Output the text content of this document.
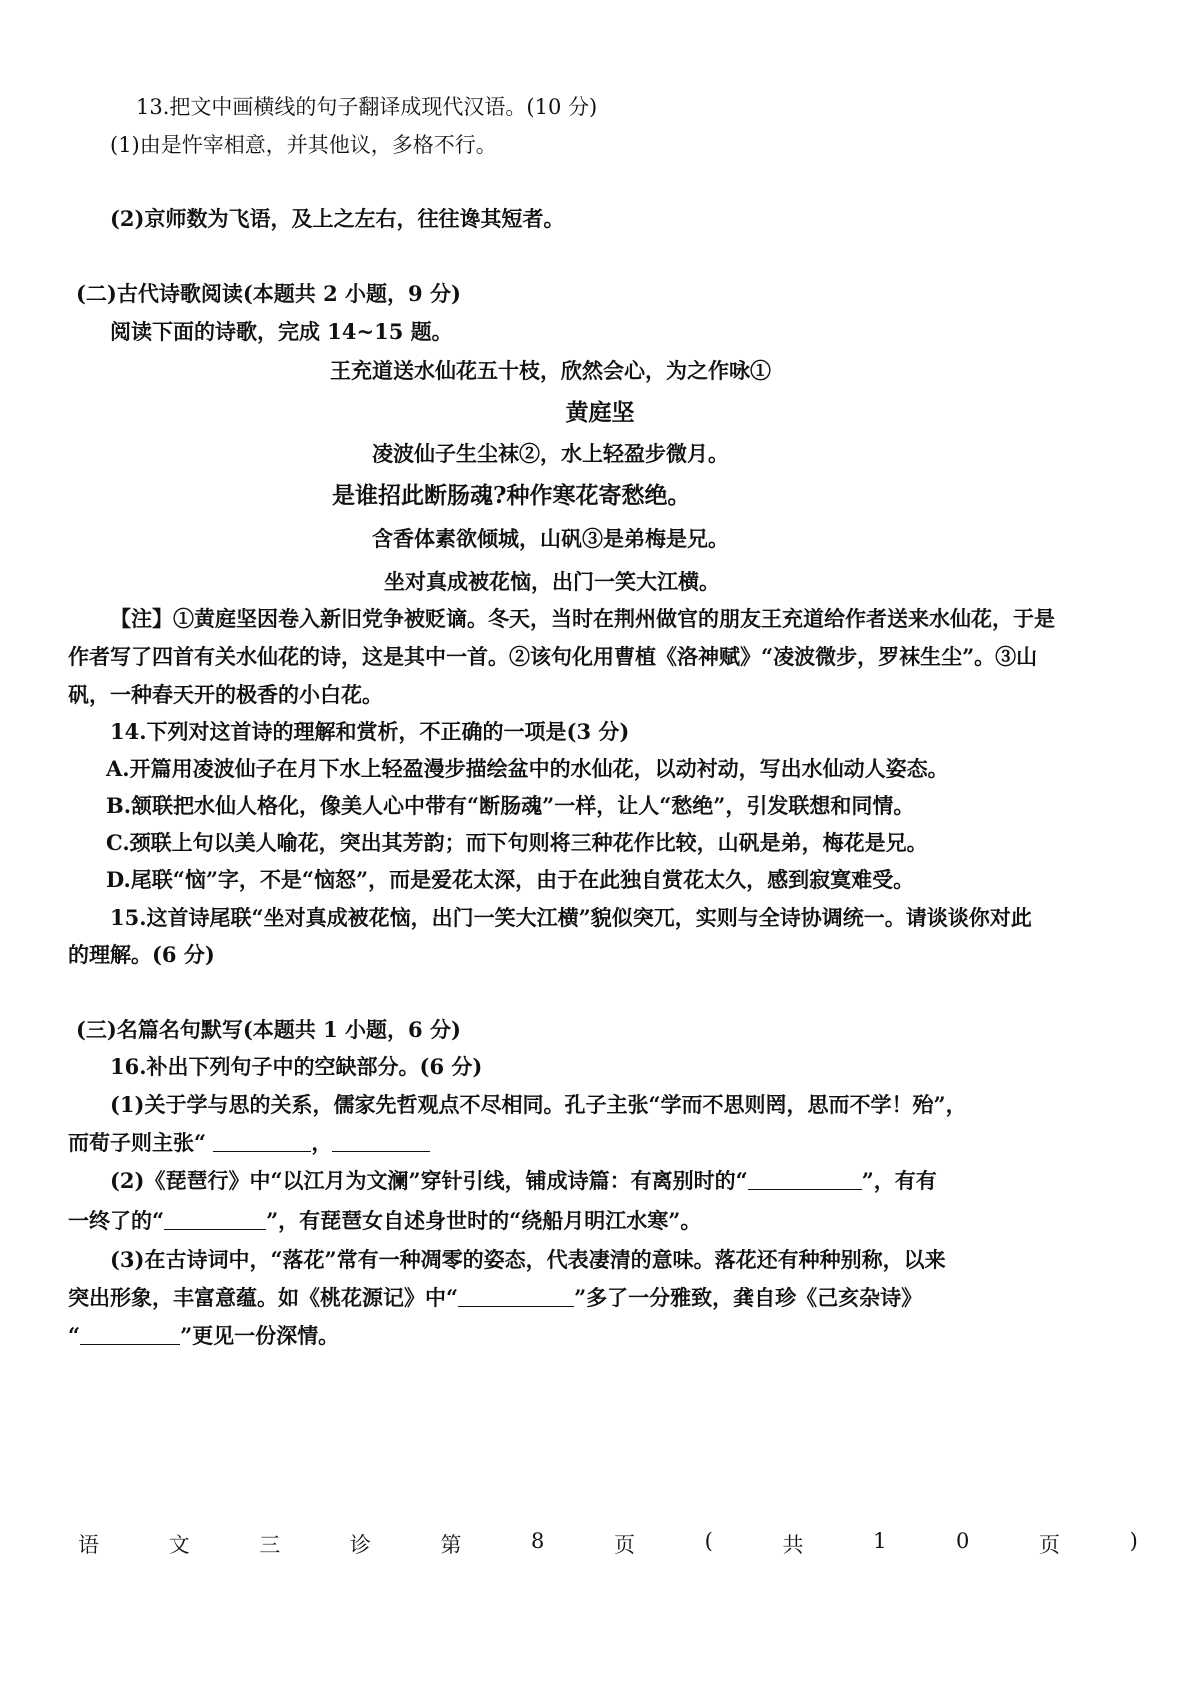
13.把文中画横线的句子翻译成现代汉语。(10 分)
(1)由是忤宰相意，并其他议，多格不行。
(2)京师数为飞语，及上之左右，往往谗其短者。
(二)古代诗歌阅读(本题共 2 小题，9 分)
阅读下面的诗歌，完成 14~15 题。
王充道送水仙花五十枝，欣然会心，为之作咏①
黄庭坚
凌波仙子生尘袜②，水上轻盈步微月。
是谁招此断肠魂?种作寒花寄愁绝。
含香体素欲倾城，山矾③是弟梅是兄。
坐对真成被花恼，出门一笑大江横。
【注】①黄庭坚因卷入新旧党争被贬谪。冬天，当时在荆州做官的朋友王充道给作者送来水仙花，于是
作者写了四首有关水仙花的诗，这是其中一首。②该句化用曹植《洛神赋》“凌波微步，罗袜生尘”。③山
矾，一种春天开的极香的小白花。
14.下列对这首诗的理解和赏析，不正确的一项是(3 分)
A.开篇用凌波仙子在月下水上轻盈漫步描绘盆中的水仙花，以动衬动，写出水仙动人姿态。
B.颔联把水仙人格化，像美人心中带有“断肠魂”一样，让人“愁绝”，引发联想和同情。
C.颈联上句以美人喻花，突出其芳韵；而下句则将三种花作比较，山矾是弟，梅花是兄。
D.尾联“恼”字，不是“恼怒”，而是爱花太深，由于在此独自赏花太久，感到寂寞难受。
15.这首诗尾联“坐对真成被花恼，出门一笑大江横”貌似突兀，实则与全诗协调统一。请谈谈你对此
的理解。(6 分)
(三)名篇名句默写(本题共 1 小题，6 分)
16.补出下列句子中的空缺部分。(6 分)
(1)关于学与思的关系，儒家先哲观点不尽相同。孔子主张“学而不思则罔，思而不学！殆”，
而荀子则主张“	，
(2)《琵琶行》中“以江月为文澜”穿针引线，铺成诗篇：有离别时的“	”，有有
一终了的“	”，有琵琶女自述身世时的“绕船月明江水寒”。
(3)在古诗词中，“落花”常有一种凋零的姿态，代表凄清的意味。落花还有种种别称，以来
突出形象，丰富意蕴。如《桃花源记》中“	”多了一分雅致，龚自珍《己亥杂诗》
“	”更见一份深情。
语	文	三	诊	第	8	页	(	共	1	0	页	)
